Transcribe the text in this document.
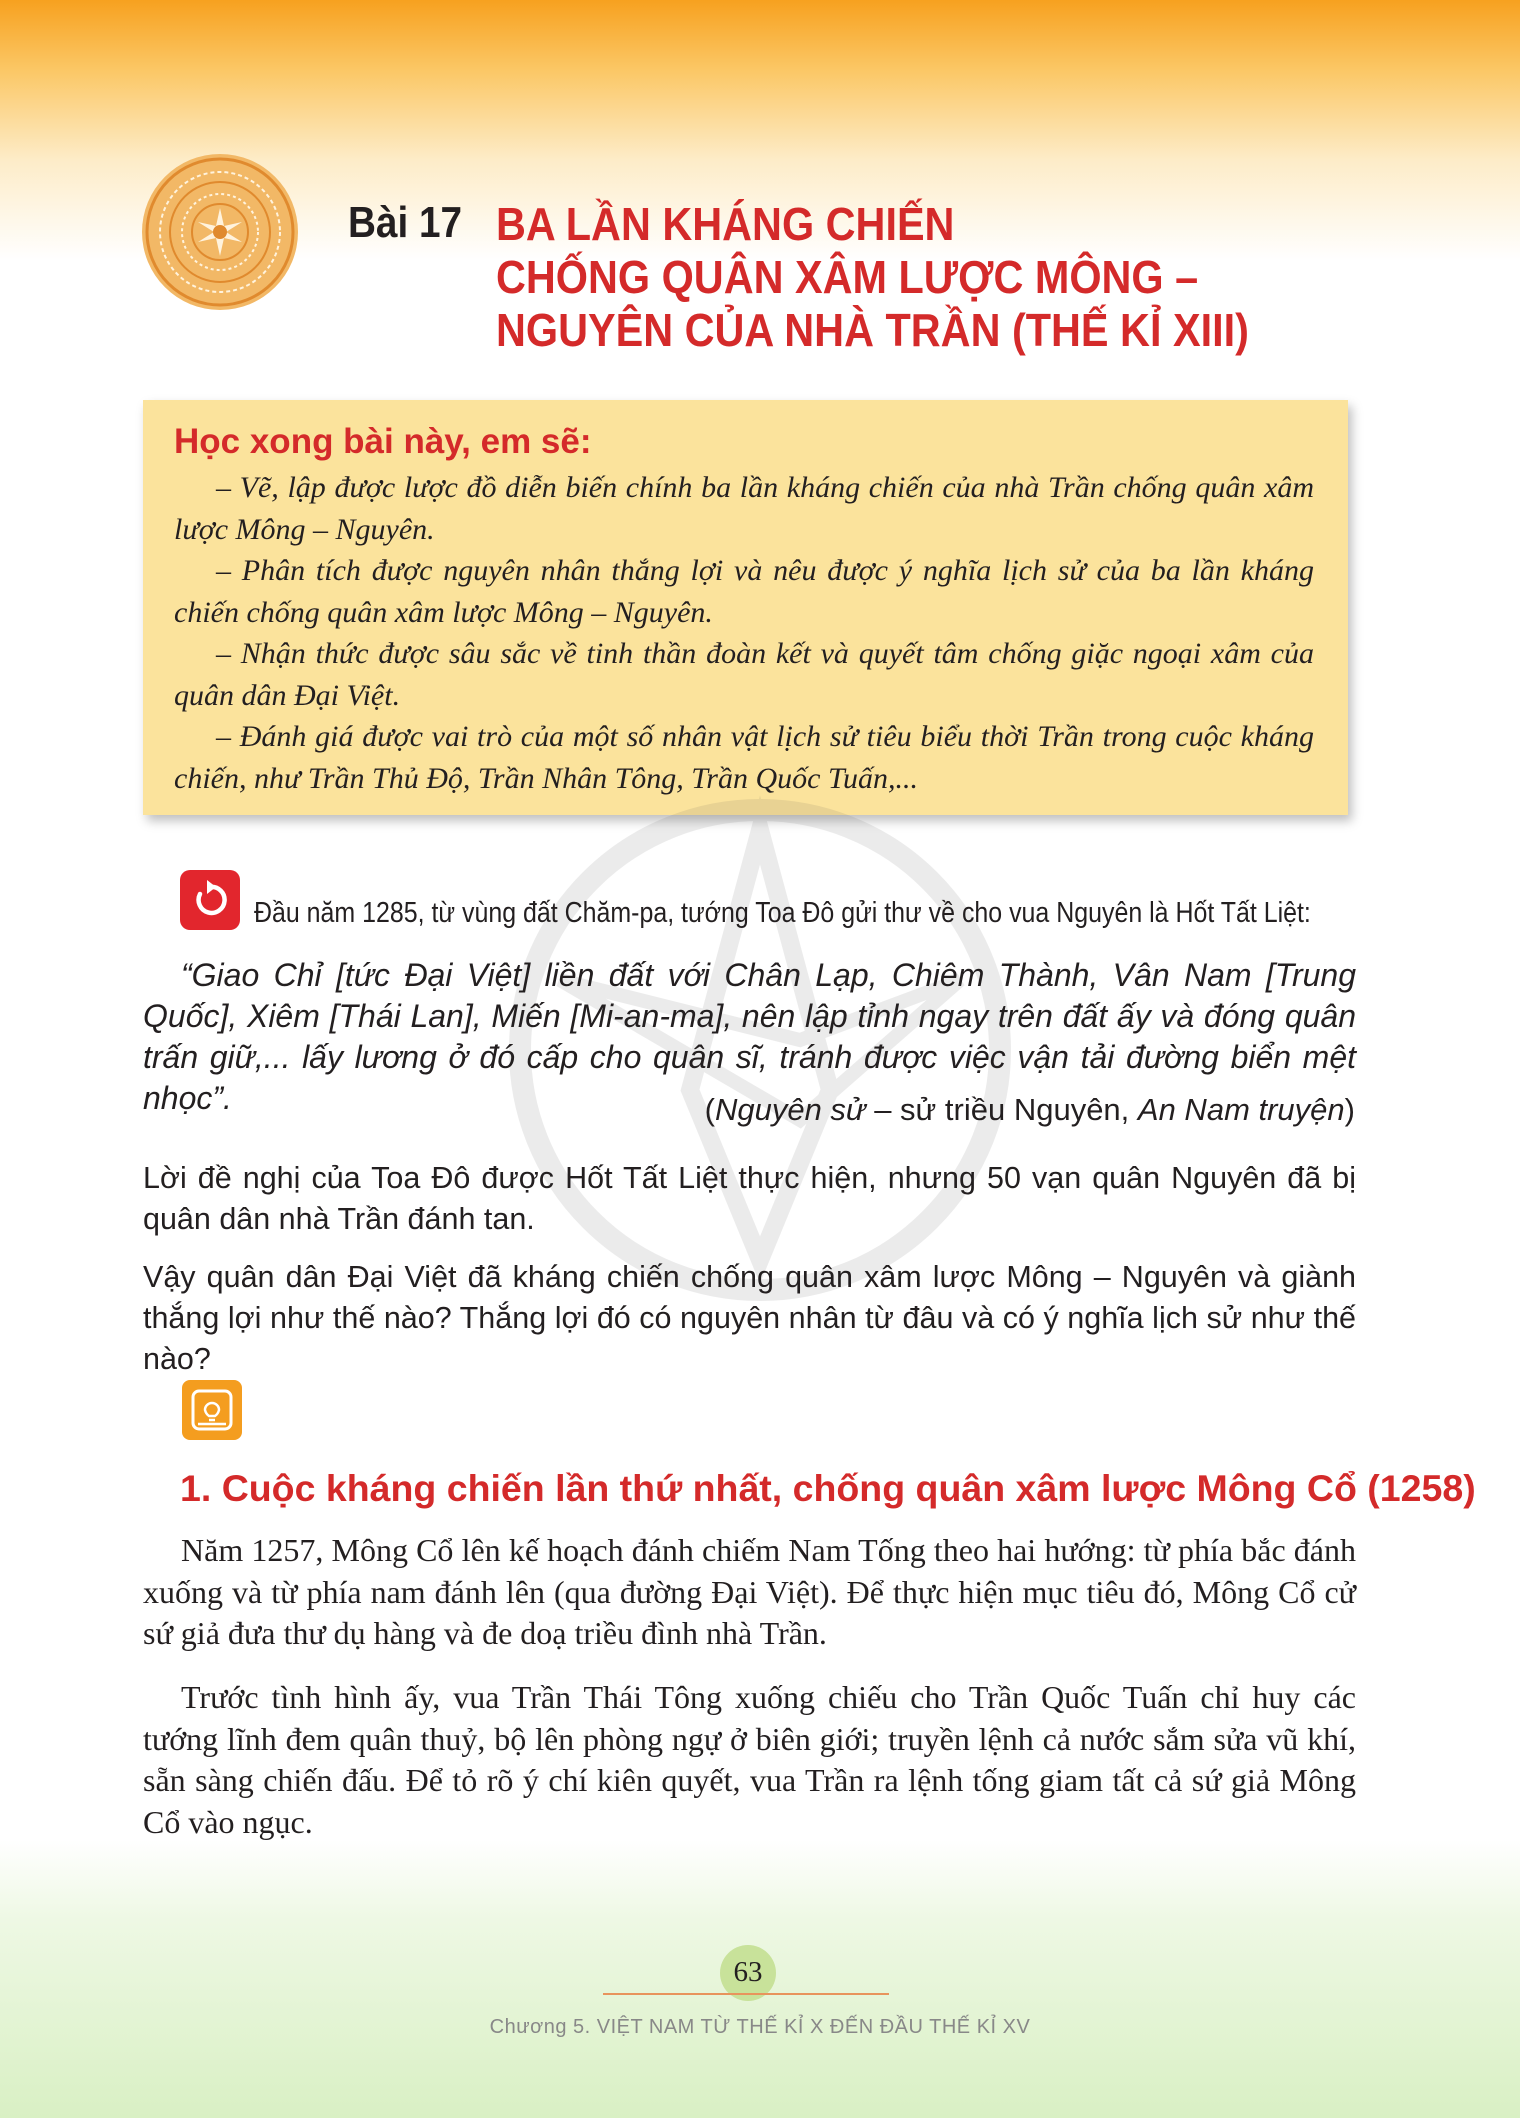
Bài 17 BA LẦN KHÁNG CHIẾN
CHỐNG QUÂN XÂM LƯỢC MÔNG –
NGUYÊN CỦA NHÀ TRẦN (THẾ KỈ XIII)
Học xong bài này, em sẽ:
– Vẽ, lập được lược đồ diễn biến chính ba lần kháng chiến của nhà Trần chống quân xâm lược Mông – Nguyên.
– Phân tích được nguyên nhân thắng lợi và nêu được ý nghĩa lịch sử của ba lần kháng chiến chống quân xâm lược Mông – Nguyên.
– Nhận thức được sâu sắc về tinh thần đoàn kết và quyết tâm chống giặc ngoại xâm của quân dân Đại Việt.
– Đánh giá được vai trò của một số nhân vật lịch sử tiêu biểu thời Trần trong cuộc kháng chiến, như Trần Thủ Độ, Trần Nhân Tông, Trần Quốc Tuấn,...
Đầu năm 1285, từ vùng đất Chăm-pa, tướng Toa Đô gửi thư về cho vua Nguyên là Hốt Tất Liệt:
“Giao Chỉ [tức Đại Việt] liền đất với Chân Lạp, Chiêm Thành, Vân Nam [Trung Quốc], Xiêm [Thái Lan], Miến [Mi-an-ma], nên lập tỉnh ngay trên đất ấy và đóng quân trấn giữ,... lấy lương ở đó cấp cho quân sĩ, tránh được việc vận tải đường biển mệt nhọc”.	(Nguyên sử – sử triều Nguyên, An Nam truyện)
Lời đề nghị của Toa Đô được Hốt Tất Liệt thực hiện, nhưng 50 vạn quân Nguyên đã bị quân dân nhà Trần đánh tan.
Vậy quân dân Đại Việt đã kháng chiến chống quân xâm lược Mông – Nguyên và giành thắng lợi như thế nào? Thắng lợi đó có nguyên nhân từ đâu và có ý nghĩa lịch sử như thế nào?
1. Cuộc kháng chiến lần thứ nhất, chống quân xâm lược Mông Cổ (1258)
Năm 1257, Mông Cổ lên kế hoạch đánh chiếm Nam Tống theo hai hướng: từ phía bắc đánh xuống và từ phía nam đánh lên (qua đường Đại Việt). Để thực hiện mục tiêu đó, Mông Cổ cử sứ giả đưa thư dụ hàng và đe doạ triều đình nhà Trần.
Trước tình hình ấy, vua Trần Thái Tông xuống chiếu cho Trần Quốc Tuấn chỉ huy các tướng lĩnh đem quân thuỷ, bộ lên phòng ngự ở biên giới; truyền lệnh cả nước sắm sửa vũ khí, sẵn sàng chiến đấu. Để tỏ rõ ý chí kiên quyết, vua Trần ra lệnh tống giam tất cả sứ giả Mông Cổ vào ngục.
63
Chương 5. VIỆT NAM TỪ THẾ KỈ X ĐẾN ĐẦU THẾ KỈ XV
